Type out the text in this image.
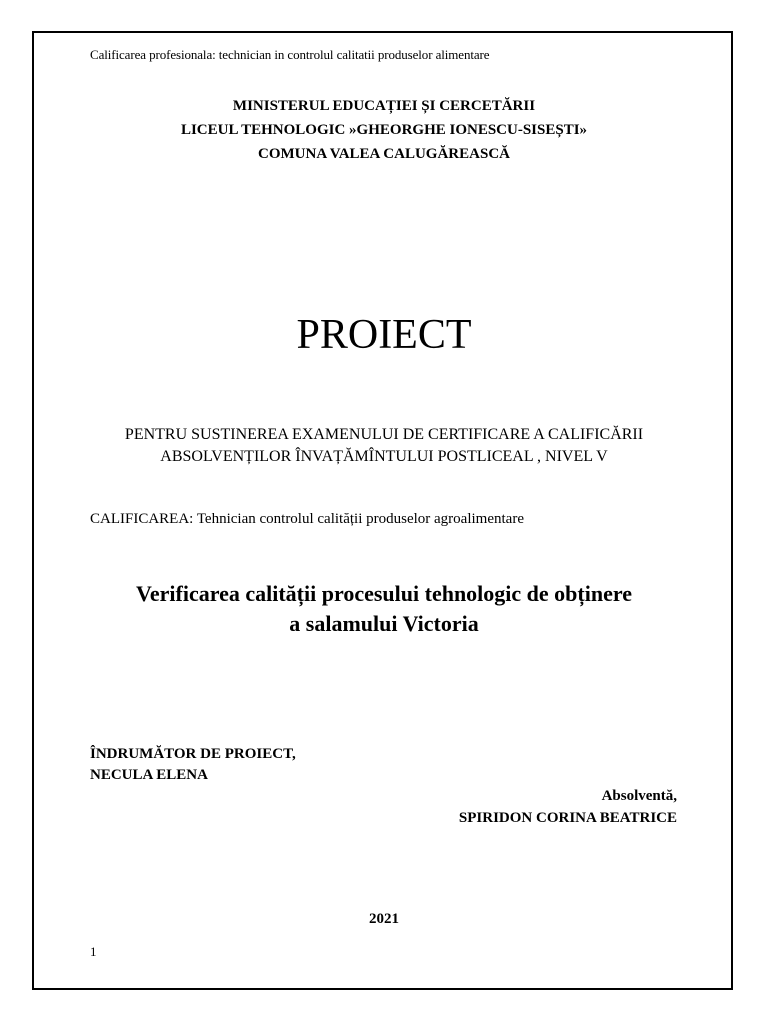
Calificarea profesionala: technician in controlul calitatii produselor alimentare
MINISTERUL EDUCAȚIEI ȘI CERCETĂRII
LICEUL TEHNOLOGIC »GHEORGHE IONESCU-SISEȘTI»
COMUNA VALEA CALUGĂREASCĂ
PROIECT
PENTRU SUSTINEREA EXAMENULUI DE CERTIFICARE A CALIFICĂRII
ABSOLVENȚILOR ÎNVAȚĂMÎNTULUI POSTLICEAL , NIVEL V
CALIFICAREA: Tehnician controlul calității produselor agroalimentare
Verificarea calității procesului tehnologic de obținere
a salamului Victoria
ÎNDRUMĂTOR DE PROIECT,
NECULA ELENA
Absolventă,
SPIRIDON CORINA BEATRICE
2021
1
